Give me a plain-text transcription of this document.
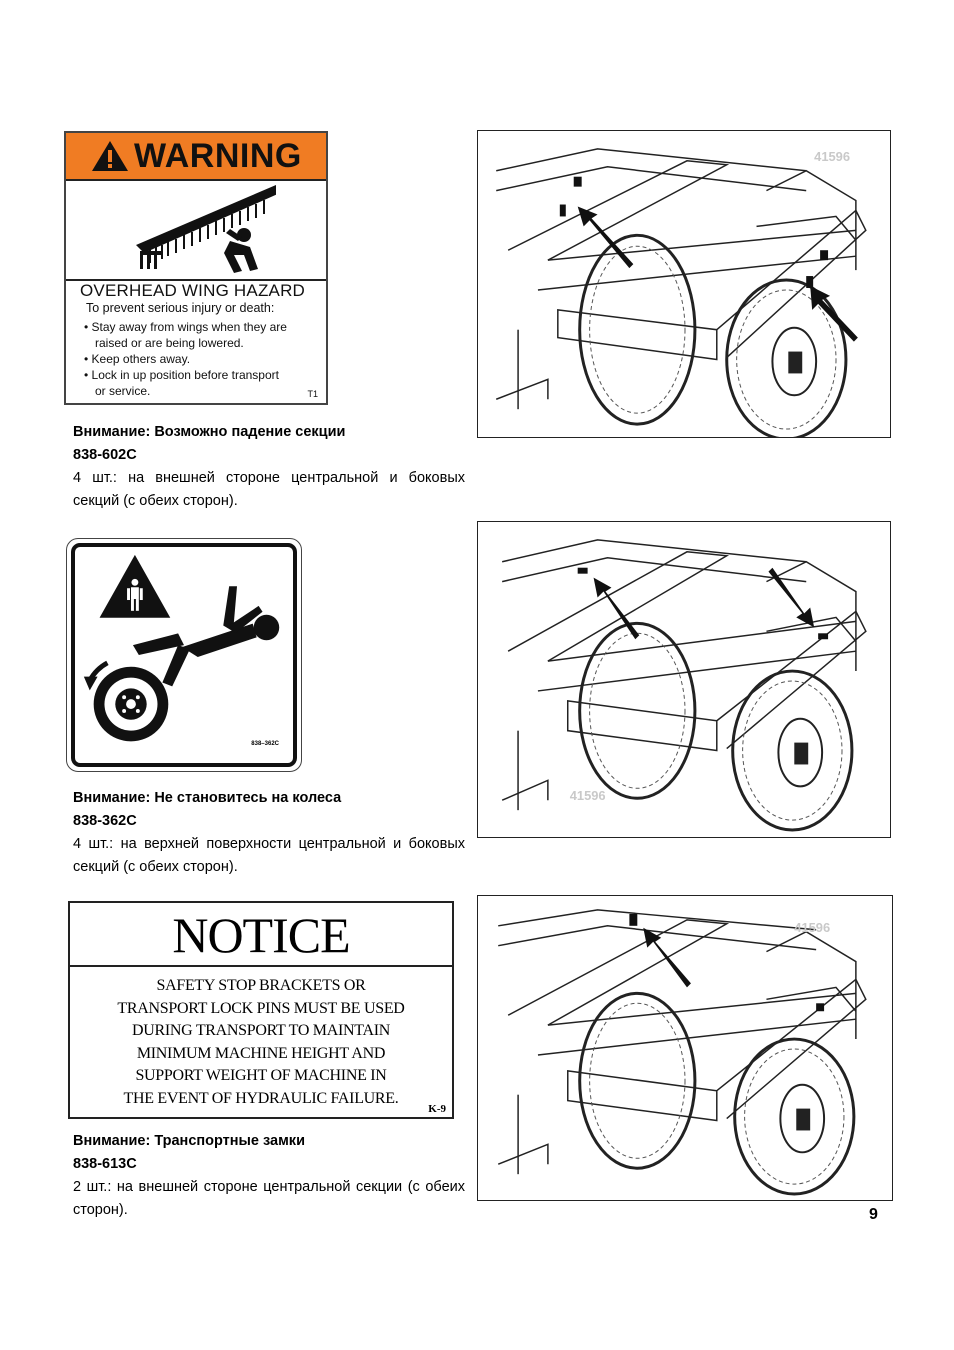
WARNING
OVERHEAD WING HAZARD
To prevent serious injury or death:
• Stay away from wings when they are
raised or are being lowered.
• Keep others away.
• Lock in up position before transport
or service.	T1
Внимание: Возможно падение секции
838-602C
4 шт.: на внешней стороне центральной и боковых секций (с обеих сторон).
838–362C
Внимание: Не становитесь на колеса
838-362C
4 шт.: на верхней поверхности центральной и боковых секций (с обеих сторон).
NOTICE
SAFETY STOP BRACKETS OR
TRANSPORT LOCK PINS MUST BE USED
DURING TRANSPORT TO MAINTAIN
MINIMUM MACHINE HEIGHT AND
SUPPORT WEIGHT OF MACHINE IN
THE EVENT OF HYDRAULIC FAILURE.
K-9
Внимание: Транспортные замки
838-613C
2 шт.: на внешней стороне центральной секции (с обеих сторон).
41596
41596
41596
9
